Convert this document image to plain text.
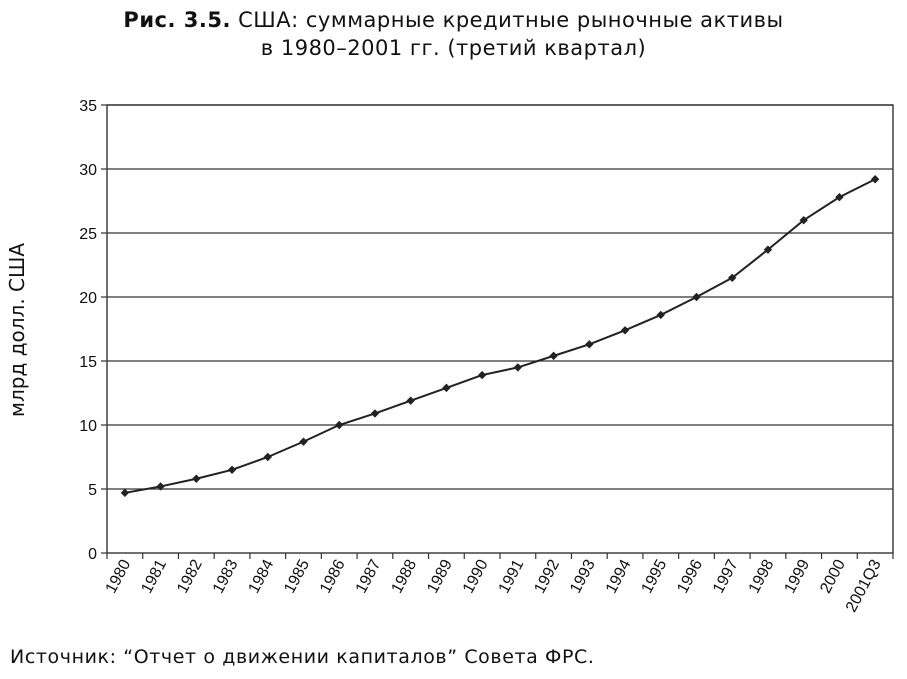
Рис. 3.5. США: суммарные кредитные рыночные активы
в 1980–2001 гг. (третий квартал)
0
5
10
15
20
25
30
35
1980 1981 1982 1983 1984 1985 1986 1987 1988 1989 1990 1991 1992 1993 1994 1995 1996 1997 1998 1999 2000
2001Q3
млрд долл. США
Источник: “Отчет о движении капиталов” Совета ФРС.
